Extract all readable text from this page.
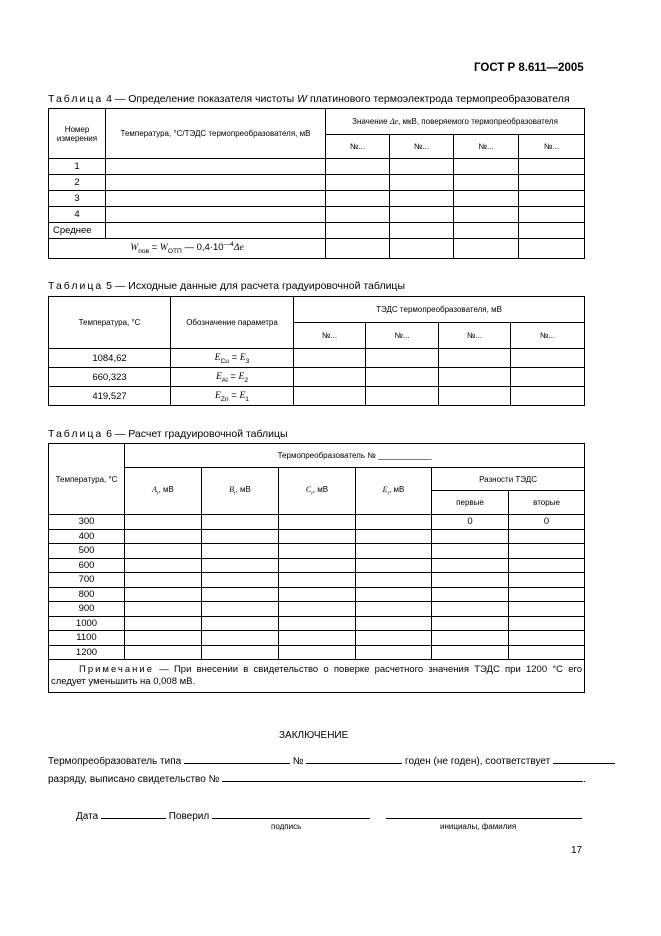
ГОСТ Р 8.611—2005
Таблица 4 — Определение показателя чистоты W платинового термоэлектрода термопреобразователя
Номер
измерения	Температура, °С/ТЭДС термопреобразователя, мВ	Значение Δe, мкВ, поверяемого термопреобразователя			
		№...	№...	№...	№...
1					
2					
3					
4					
Среднее					
$W_{пов} = W_{ОТП}$ — $0,4\cdot 10^{—4}\Delta e$					
Таблица 5 — Исходные данные для расчета градуировочной таблицы
Температура, °С	Обозначение параметра	ТЭДС термопреобразователя, мВ			
		№...	№...	№...	№...
1084,62	$E_{Cu} = E_3$				
660,323	$E_{Al} = E_2$				
419,527	$E_{Zn} = E_1$				
Таблица 6 — Расчет градуировочной таблицы
Температура, °С	Термопреобразователь № ____________					
	$A_t$, мВ	$B_t$, мВ	$C_t$, мВ	$E_t$, мВ	Разности ТЭДС	
					первые	вторые
300					0	0
400						
500						
600						
700						
800						
900						
1000						
1100						
1200						
Примечание — При внесении в свидетельство о поверке расчетного значения ТЭДС при 1200 °С его следует уменьшить на 0,008 мВ.						
ЗАКЛЮЧЕНИЕ
Термопреобразователь типа	№	годен (не годен), соответствует
разряду, выписано свидетельство №	.
Дата	Поверил
подпись	инициалы, фамилия
17
